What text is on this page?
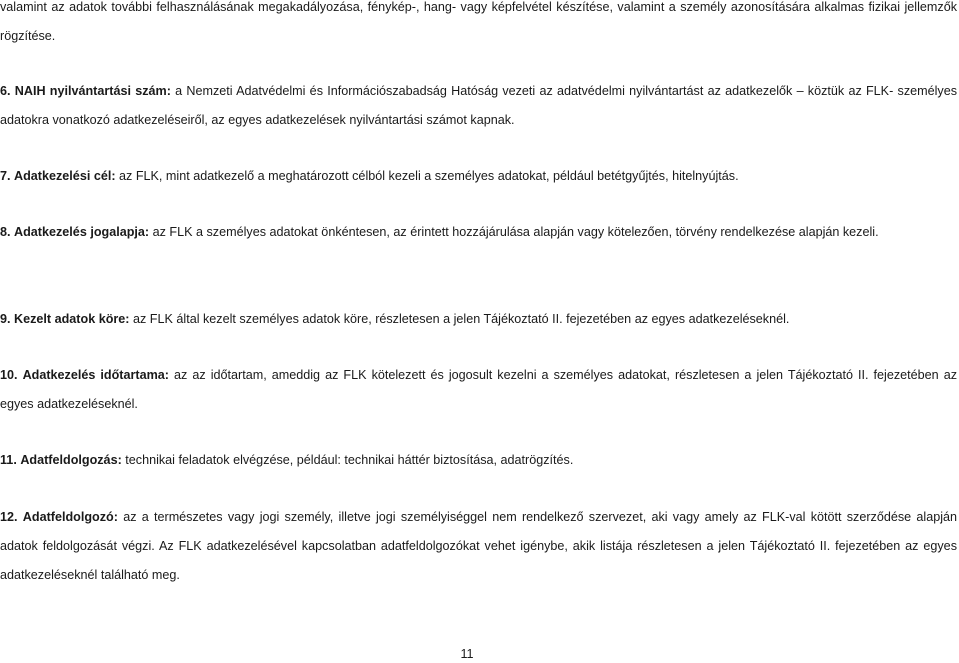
valamint az adatok további felhasználásának megakadályozása, fénykép-, hang- vagy képfelvétel készítése, valamint a személy azonosítására alkalmas fizikai jellemzők rögzítése.
6. NAIH nyilvántartási szám: a Nemzeti Adatvédelmi és Információszabadság Hatóság vezeti az adatvédelmi nyilvántartást az adatkezelők – köztük az FLK- személyes adatokra vonatkozó adatkezeléseiről, az egyes adatkezelések nyilvántartási számot kapnak.
7. Adatkezelési cél: az FLK, mint adatkezelő a meghatározott célból kezeli a személyes adatokat, például betétgyűjtés, hitelnyújtás.
8. Adatkezelés jogalapja: az FLK a személyes adatokat önkéntesen, az érintett hozzájárulása alapján vagy kötelezően, törvény rendelkezése alapján kezeli.
9. Kezelt adatok köre: az FLK által kezelt személyes adatok köre, részletesen a jelen Tájékoztató II. fejezetében az egyes adatkezeléseknél.
10. Adatkezelés időtartama: az az időtartam, ameddig az FLK kötelezett és jogosult kezelni a személyes adatokat, részletesen a jelen Tájékoztató II. fejezetében az egyes adatkezeléseknél.
11. Adatfeldolgozás: technikai feladatok elvégzése, például: technikai háttér biztosítása, adatrögzítés.
12. Adatfeldolgozó: az a természetes vagy jogi személy, illetve jogi személyiséggel nem rendelkező szervezet, aki vagy amely az FLK-val kötött szerződése alapján adatok feldolgozását végzi. Az FLK adatkezelésével kapcsolatban adatfeldolgozókat vehet igénybe, akik listája részletesen a jelen Tájékoztató II. fejezetében az egyes adatkezeléseknél található meg.
11
